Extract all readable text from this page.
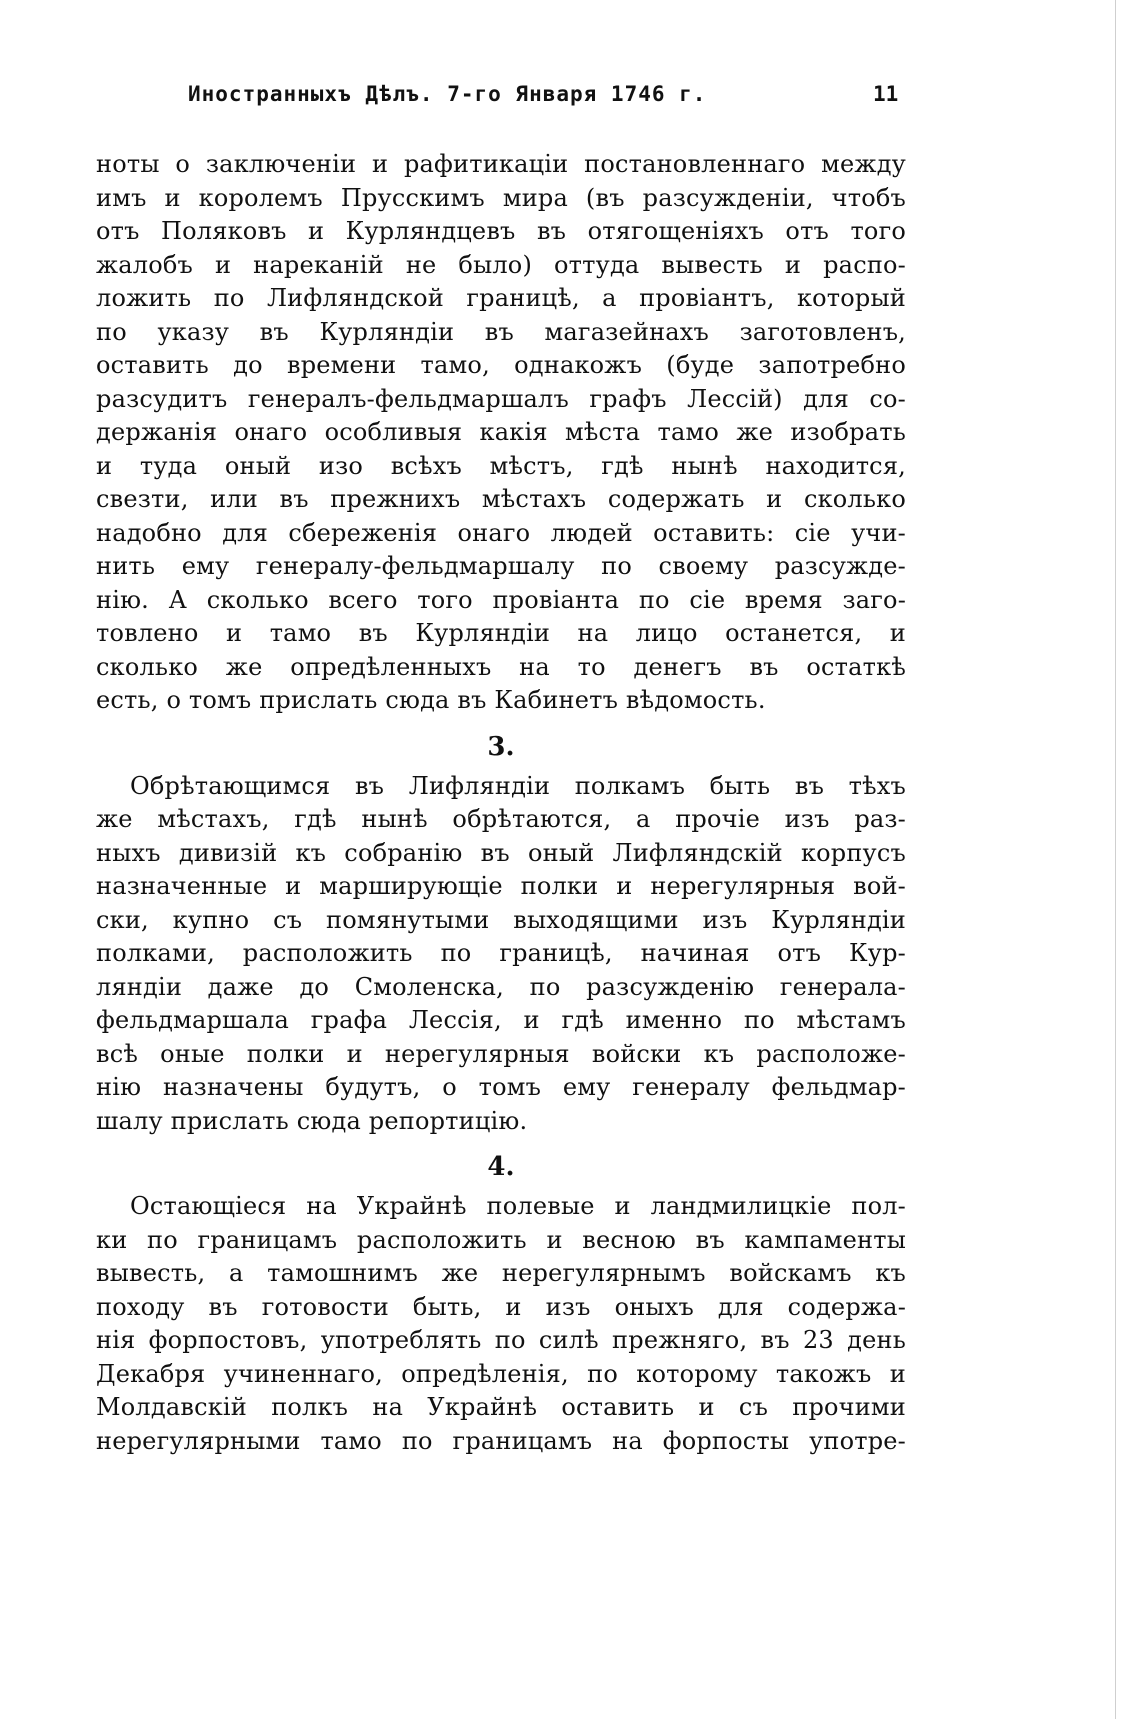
Иностранныхъ Дѣлъ. 7-го Января 1746 г.	11
ноты о заключеніи и рафитикаціи постановленнаго между
имъ и королемъ Прусскимъ мира (въ разсужденіи, чтобъ
отъ Поляковъ и Курляндцевъ въ отягощеніяхъ отъ того
жалобъ и нареканій не было) оттуда вывесть и распо-
ложить по Лифляндской границѣ, а провіантъ, который
по указу въ Курляндіи въ магазейнахъ заготовленъ,
оставить до времени тамо, однакожъ (буде запотребно
разсудитъ генералъ-фельдмаршалъ графъ Лессій) для со-
держанія онаго особливыя какія мѣста тамо же изобрать
и туда оный изо всѣхъ мѣстъ, гдѣ нынѣ находится,
свезти, или въ прежнихъ мѣстахъ содержать и сколько
надобно для сбереженія онаго людей оставить: сіе учи-
нить ему генералу-фельдмаршалу по своему разсужде-
нію. А сколько всего того провіанта по сіе время заго-
товлено и тамо въ Курляндіи на лицо останется, и
сколько же опредѣленныхъ на то денегъ въ остаткѣ
есть, о томъ прислать сюда въ Кабинетъ вѣдомость.
3.
Обрѣтающимся въ Лифляндіи полкамъ быть въ тѣхъ
же мѣстахъ, гдѣ нынѣ обрѣтаются, а прочіе изъ раз-
ныхъ дивизій къ собранію въ оный Лифляндскій корпусъ
назначенные и марширующіе полки и нерегулярныя вой-
ски, купно съ помянутыми выходящими изъ Курляндіи
полками, расположить по границѣ, начиная отъ Кур-
ляндіи даже до Смоленска, по разсужденію генерала-
фельдмаршала графа Лессія, и гдѣ именно по мѣстамъ
всѣ оные полки и нерегулярныя войски къ расположе-
нію назначены будутъ, о томъ ему генералу фельдмар-
шалу прислать сюда репортицію.
4.
Остающіеся на Украйнѣ полевые и ландмилицкіе пол-
ки по границамъ расположить и весною въ кампаменты
вывесть, а тамошнимъ же нерегулярнымъ войскамъ къ
походу въ готовости быть, и изъ оныхъ для содержа-
нія форпостовъ, употреблять по силѣ прежняго, въ 23 день
Декабря учиненнаго, опредѣленія, по которому такожъ и
Молдавскій полкъ на Украйнѣ оставить и съ прочими
нерегулярными тамо по границамъ на форпосты употре-
